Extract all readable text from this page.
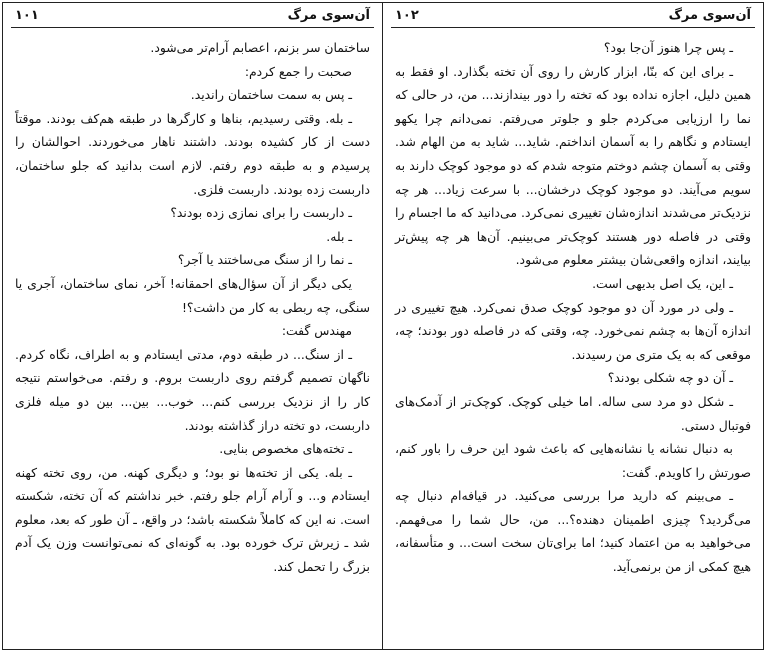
۱۰۱	آن‌سوی مرگ

ساختمان سر بزنم، اعصابم آرام‌تر می‌شود.

صحبت را جمع کردم:

ـ پس به سمت ساختمان راندید.

ـ بله. وقتی رسیدیم، بناها و کارگرها در طبقه هم‌کف بودند. موقتاً دست از کار کشیده بودند. داشتند ناهار می‌خوردند. احوالشان را پرسیدم و به طبقه دوم رفتم. لازم است بدانید که جلو ساختمان، داربست زده بودند. داربست فلزی.

ـ داربست را برای نمازی زده بودند؟

ـ بله.

ـ نما را از سنگ می‌ساختند یا آجر؟

یکی دیگر از آن سؤال‌های احمقانه! آخر، نمای ساختمان، آجری یا سنگی، چه ربطی به کار من داشت؟!

مهندس گفت:

ـ از سنگ... در طبقه دوم، مدتی ایستادم و به اطراف، نگاه کردم. ناگهان تصمیم گرفتم روی داربست بروم. و رفتم. می‌خواستم نتیجه کار را از نزدیک بررسی کنم... خوب... بین... بین دو میله فلزی داربست، دو تخته دراز گذاشته بودند.

ـ تخته‌های مخصوص بنایی.

ـ بله. یکی از تخته‌ها نو بود؛ و دیگری کهنه. من، روی تخته کهنه ایستادم و... و آرام آرام جلو رفتم. خبر نداشتم که آن تخته، شکسته است. نه این که کاملاً شکسته باشد؛ در واقع، ـ آن طور که بعد، معلوم شد ـ زیرش ترک خورده بود. به گونه‌ای که نمی‌توانست وزن یک آدم بزرگ را تحمل کند.

۱۰۲	آن‌سوی مرگ

ـ پس چرا هنوز آن‌جا بود؟

ـ برای این که بنّا، ابزار کارش را روی آن تخته بگذارد. او فقط به همین دلیل، اجازه نداده بود که تخته را دور بیندازند... من، در حالی که نما را ارزیابی می‌کردم جلو و جلوتر می‌رفتم. نمی‌دانم چرا یکهو ایستادم و نگاهم را به آسمان انداختم. شاید... شاید به من الهام شد. وقتی به آسمان چشم دوختم متوجه شدم که دو موجود کوچک دارند به سویم می‌آیند. دو موجود کوچک درخشان... با سرعت زیاد... هر چه نزدیک‌تر می‌شدند اندازه‌شان تغییری نمی‌کرد. می‌دانید که ما اجسام را وقتی در فاصله دور هستند کوچک‌تر می‌بینیم. آن‌ها هر چه پیش‌تر بیایند، اندازه واقعی‌شان بیشتر معلوم می‌شود.

ـ این، یک اصل بدیهی است.

ـ ولی در مورد آن دو موجود کوچک صدق نمی‌کرد. هیچ تغییری در اندازه آن‌ها به چشم نمی‌خورد. چه، وقتی که در فاصله دور بودند؛ چه، موقعی که به یک متری من رسیدند.

ـ آن دو چه شکلی بودند؟

ـ شکل دو مرد سی ساله. اما خیلی کوچک. کوچک‌تر از آدمک‌های فوتبال دستی.

به دنبال نشانه یا نشانه‌هایی که باعث شود این حرف را باور کنم، صورتش را کاویدم. گفت:

ـ می‌بینم که دارید مرا بررسی می‌کنید. در قیافه‌ام دنبال چه می‌گردید؟ چیزی اطمینان دهنده؟... من، حال شما را می‌فهمم. می‌خواهید به من اعتماد کنید؛ اما برای‌تان سخت است... و متأسفانه، هیچ کمکی از من برنمی‌آید.
